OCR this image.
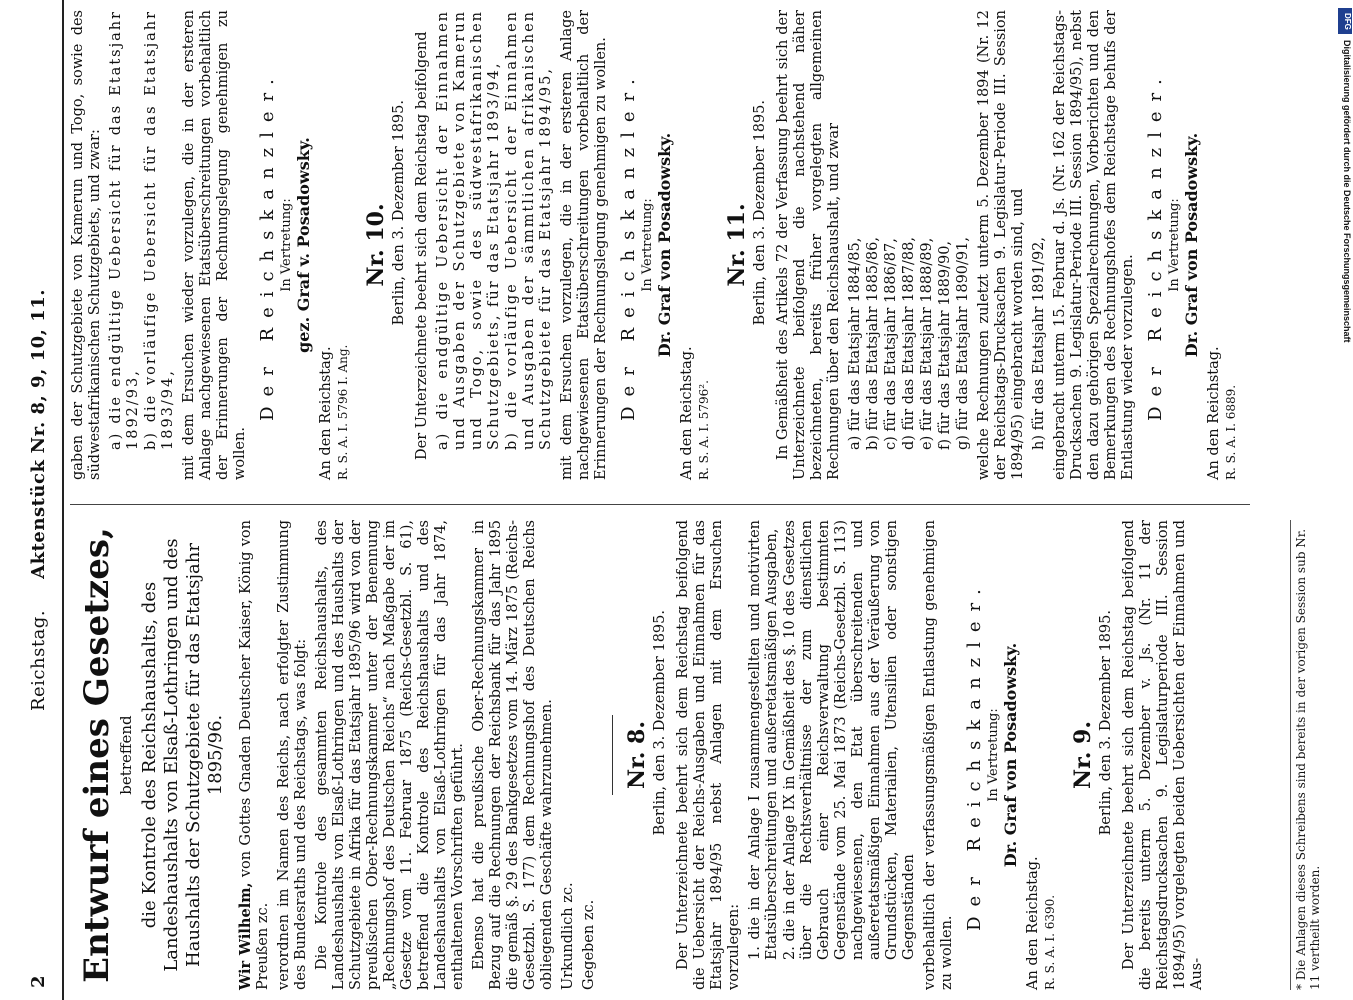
2
Reichstag.     Aktenstück Nr. 8, 9, 10, 11.
Entwurf eines Gesetzes, betreffend die Kontrole des Reichshaushalts, des Landeshaushalts von Elsaß-Lothringen und des Haushalts der Schutzgebiete für das Etatsjahr 1895/96.

Wir Wilhelm, von Gottes Gnaden Deutscher Kaiser, König von Preußen zc. verordnen im Namen des Reichs, nach erfolgter Zustimmung des Bundesraths und des Reichstags, was folgt: Die Kontrole des gesammten Reichshaushalts, des Landeshaushalts von Elsaß-Lothringen und des Haushalts der Schutzgebiete in Afrika für das Etatsjahr 1895/96 wird von der preußischen Ober-Rechnungskammer unter der Benennung „Rechnungshof des Deutschen Reichs“ nach Maßgabe der im Gesetze vom 11. Februar 1875 (Reichs-Gesetzbl. S. 61), betreffend die Kontrole des Reichshaushalts und des Landeshaushalts von Elsaß-Lothringen für das Jahr 1874, enthaltenen Vorschriften geführt. Ebenso hat die preußische Ober-Rechnungskammer in Bezug auf die Rechnungen der Reichsbank für das Jahr 1895 die gemäß §. 29 des Bankgesetzes vom 14. März 1875 (Reichs-Gesetzbl. S. 177) dem Rechnungshof des Deutschen Reichs obliegenden Geschäfte wahrzunehmen. Urkundlich zc. Gegeben zc.

Nr. 8. Berlin, den 3. Dezember 1895. Der Unterzeichnete beehrt sich dem Reichstag beifolgend die Uebersicht der Reichs-Ausgaben und Einnahmen für das Etatsjahr 1894/95 nebst Anlagen mit dem Ersuchen vorzulegen: 1. die in der Anlage I zusammengestellten und motivirten Etatsüberschreitungen und außeretatsmäßigen Ausgaben, 2. die in der Anlage IX in Gemäßheit des §. 10 des Gesetzes über die Rechtsverhältnisse der zum dienstlichen Gebrauch einer Reichsverwaltung bestimmten Gegenstände vom 25. Mai 1873 (Reichs-Gesetzbl. S. 113) nachgewiesenen, den Etat überschreitenden und außeretatsmäßigen Einnahmen aus der Veräußerung von Grundstücken, Materialien, Utensilien oder sonstigen Gegenständen vorbehaltlich der verfassungsmäßigen Entlastung genehmigen zu wollen.

Der Reichskanzler. In Vertretung: Dr. Graf von Posadowsky.
An den Reichstag. R. S. A. I. 6390.
Nr. 9. Berlin, den 3. Dezember 1895. Der Unterzeichnete beehrt sich dem Reichstag beifolgend die bereits unterm 5. Dezember v. Js. (Nr. 11 der Reichstagsdrucksachen 9. Legislaturperiode III. Session 1894/95) vorgelegten beiden Uebersichten der Einnahmen und Aus-

gaben der Schutzgebiete von Kamerun und Togo, sowie des südwestafrikanischen Schutzgebiets, und zwar: a) die endgültige Uebersicht für das Etatsjahr 1892/93, b) die vorläufige Uebersicht für das Etatsjahr 1893/94, mit dem Ersuchen wieder vorzulegen, die in der ersteren Anlage nachgewiesenen Etatsüberschreitungen vorbehaltlich der Erinnerungen der Rechnungslegung genehmigen zu wollen.

Der Reichskanzler. In Vertretung: gez. Graf v. Posadowsky.
An den Reichstag. R. S. A. I. 5796 I. Ang.
Nr. 10. Berlin, den 3. Dezember 1895. Der Unterzeichnete beehrt sich dem Reichstag beifolgend a) die endgültige Uebersicht der Einnahmen und Ausgaben der Schutzgebiete von Kamerun und Togo, sowie des südwestafrikanischen Schutzgebiets, für das Etatsjahr 1893/94, b) die vorläufige Uebersicht der Einnahmen und Ausgaben der sämmtlichen afrikanischen Schutzgebiete für das Etatsjahr 1894/95, mit dem Ersuchen vorzulegen, die in der ersteren Anlage nachgewiesenen Etatsüberschreitungen vorbehaltlich der Erinnerungen der Rechnungslegung genehmigen zu wollen. Der Reichskanzler. In Vertretung: Dr. Graf von Posadowsky.
An den Reichstag. R. S. A. I. 5796².
Nr. 11. Berlin, den 3. Dezember 1895. In Gemäßheit des Artikels 72 der Verfassung beehrt sich der Unterzeichnete beifolgend die nachstehend näher bezeichneten, bereits früher vorgelegten allgemeinen Rechnungen über den Reichshaushalt, und zwar a) für das Etatsjahr 1884/85, b) für das Etatsjahr 1885/86, c) für das Etatsjahr 1886/87, d) für das Etatsjahr 1887/88, e) für das Etatsjahr 1888/89, f) für das Etatsjahr 1889/90, g) für das Etatsjahr 1890/91, welche Rechnungen zuletzt unterm 5. Dezember 1894 (Nr. 12 der Reichstags-Drucksachen 9. Legislatur-Periode III. Session 1894/95) eingebracht worden sind, und h) für das Etatsjahr 1891/92, eingebracht unterm 15. Februar d. Js. (Nr. 162 der Reichstags-Drucksachen 9. Legislatur-Periode III. Session 1894/95), nebst den dazu gehörigen Spezialrechnungen, Vorberichten und den Bemerkungen des Rechnungshofes dem Reichstage behufs der Entlastung wieder vorzulegen. Der Reichskanzler. In Vertretung: Dr. Graf von Posadowsky.
An den Reichstag. R. S. A. I. 6889.
* Die Anlagen dieses Schreibens sind bereits in der vorigen Session sub Nr. 11 vertheilt worden.
DFG
Digitalisierung gefördert durch die Deutsche Forschungsgemeinschaft
